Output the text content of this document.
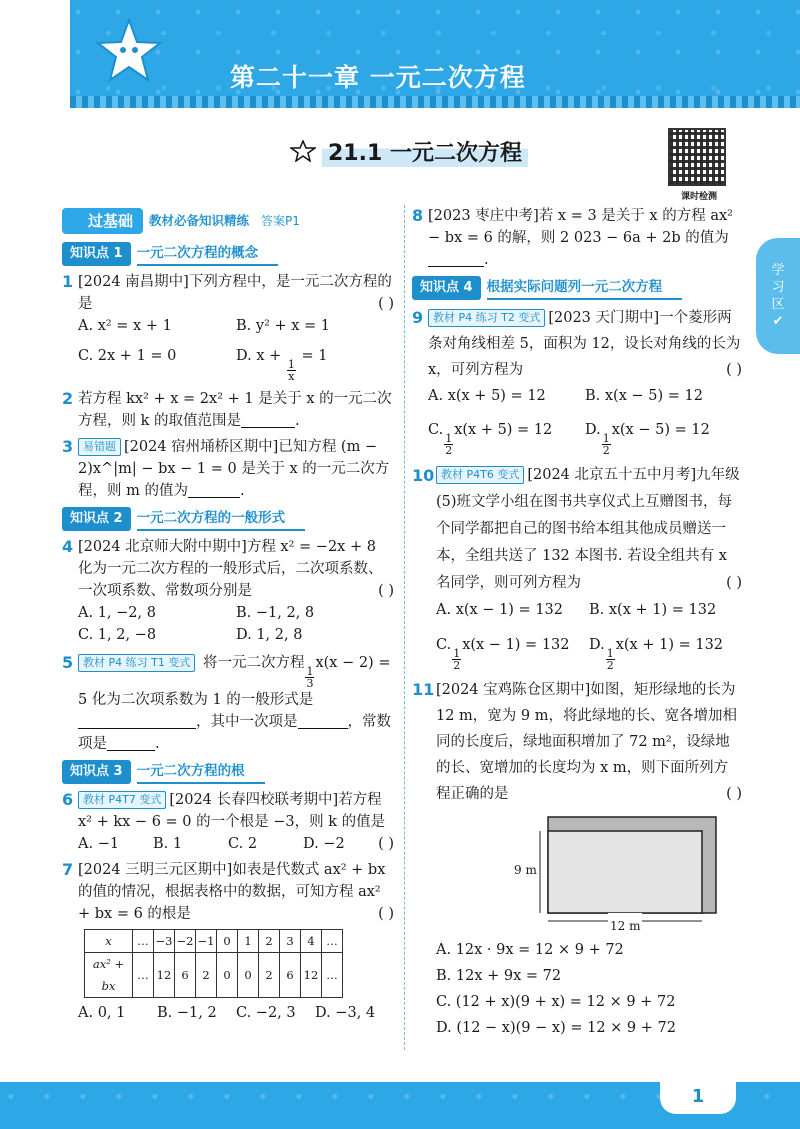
第二十一章 一元二次方程
21.1 一元二次方程
课时检测
学
习
区
✔
过基础	教材必备知识精练 答案P1
知识点 1	一元二次方程的概念
1 [2024 南昌期中]下列方程中，是一元二次方程的是	( )
A. x² = x + 1	B. y² + x = 1
C. 2x + 1 = 0	D. x +
$\frac{1}{x}$
= 1
2 若方程 kx² + x = 2x² + 1 是关于 x 的一元二次方程，则 k 的取值范围是	.
3 易错题 [2024 宿州埇桥区期中]已知方程 (m − 2)x^|m| − bx − 1 = 0 是关于 x 的一元二次方程，则 m 的值为	.
知识点 2	一元二次方程的一般形式
4 [2024 北京师大附中期中]方程 x² = −2x + 8 化为一元二次方程的一般形式后，二次项系数、一次项系数、常数项分别是	( )
A. 1, −2, 8	B. −1, 2, 8
C. 1, 2, −8	D. 1, 2, 8
5 教材 P4 练习 T1 变式 将一元二次方程
$\frac{1}{3}$
x(x − 2) = 5 化为二次项系数为 1 的一般形式是 ，其中一次项是	，常数项是	.
知识点 3	一元二次方程的根
6 教材 P4T7 变式 [2024 长春四校联考期中]若方程 x² + kx − 6 = 0 的一个根是 −3，则 k 的值是
( )
A. −1	B. 1	C. 2	D. −2
7 [2024 三明三元区期中]如表是代数式 ax² + bx 的值的情况，根据表格中的数据，可知方程 ax² + bx = 6 的根是	( )
x	…	−3	−2	−1	0	1	2	3	4	…
ax² + bx	…	12	6	2	0	0	2	6	12	…
A. 0, 1	B. −1, 2	C. −2, 3	D. −3, 4
8 [2023 枣庄中考]若 x = 3 是关于 x 的方程 ax² − bx = 6 的解，则 2 023 − 6a + 2b 的值为.
知识点 4	根据实际问题列一元二次方程
9 教材 P4 练习 T2 变式 [2023 天门期中]一个菱形两条对角线相差 5，面积为 12，设长对角线的长为 x，可列方程为	( )
A. x(x + 5) = 12	B. x(x − 5) = 12
C.
$\frac{1}{2}$
x(x + 5) = 12	D.
$\frac{1}{2}$
x(x − 5) = 12
10 教材 P4T6 变式 [2024 北京五十五中月考]九年级(5)班文学小组在图书共享仪式上互赠图书，每个同学都把自己的图书给本组其他成员赠送一本，全组共送了 132 本图书. 若设全组共有 x 名同学，则可列方程为	( )
A. x(x − 1) = 132	B. x(x + 1) = 132
C.
$\frac{1}{2}$
x(x − 1) = 132	D.
$\frac{1}{2}$
x(x + 1) = 132
11 [2024 宝鸡陈仓区期中]如图，矩形绿地的长为 12 m，宽为 9 m，将此绿地的长、宽各增加相同的长度后，绿地面积增加了 72 m²，设绿地的长、宽增加的长度均为 x m，则下面所列方程正确的是	( )
9 m
12 m
A. 12x · 9x = 12 × 9 + 72
B. 12x + 9x = 72
C. (12 + x)(9 + x) = 12 × 9 + 72
D. (12 − x)(9 − x) = 12 × 9 + 72
1
